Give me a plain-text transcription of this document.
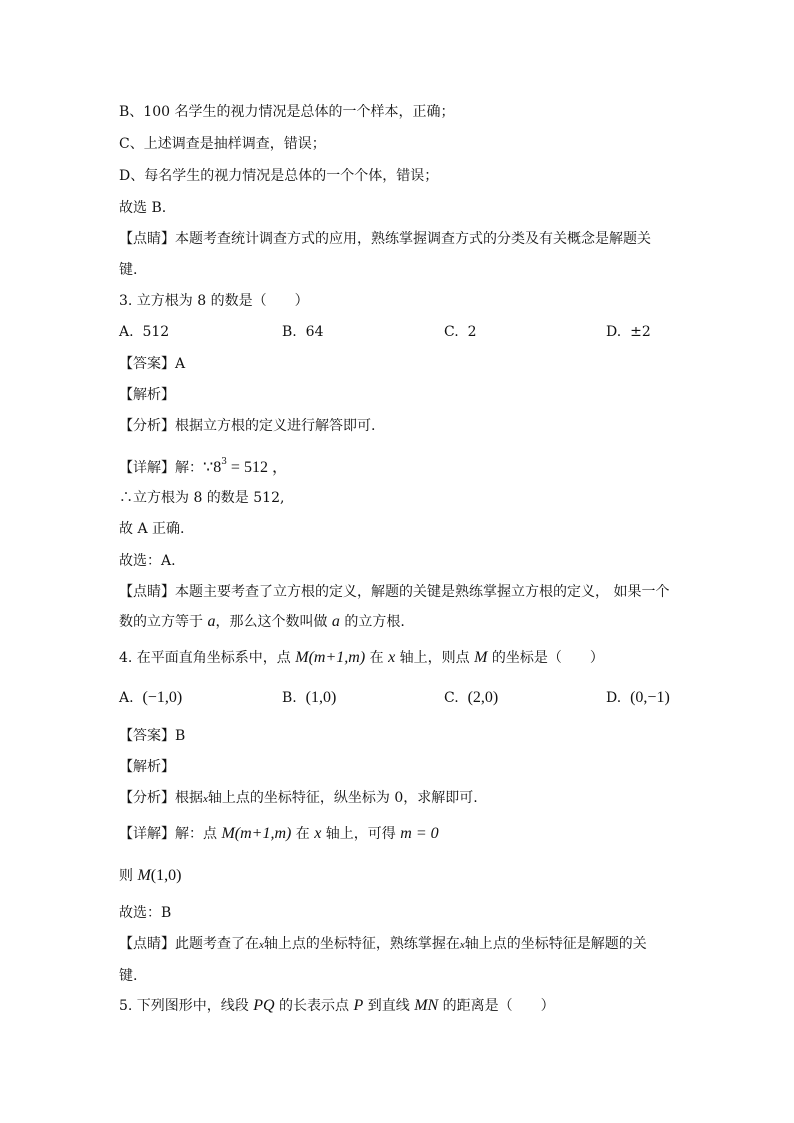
B、100 名学生的视力情况是总体的一个样本，正确；
C、上述调查是抽样调查，错误；
D、每名学生的视力情况是总体的一个个体，错误；
故选 B.
【点睛】本题考查统计调查方式的应用，熟练掌握调查方式的分类及有关概念是解题关
键.
3. 立方根为 8 的数是（　　）
A. 512	B. 64	C. 2	D. ±2
【答案】A
【解析】
【分析】根据立方根的定义进行解答即可.
【详解】解：$\because 8^3 = 512$ ，
∴立方根为 8 的数是 512,
故 A 正确.
故选：A.
【点睛】本题主要考查了立方根的定义，解题的关键是熟练掌握立方根的定义， 如果一个
数的立方等于 a，那么这个数叫做 a 的立方根.
4. 在平面直角坐标系中，点 M(m+1,m) 在 x 轴上，则点 M 的坐标是（　　）
A. (−1,0)	B. (1,0)	C. (2,0)	D. (0,−1)
【答案】B
【解析】
【分析】根据x轴上点的坐标特征，纵坐标为 0，求解即可.
【详解】解：点 M(m+1,m) 在 x 轴上，可得 m = 0
则 M(1,0)
故选：B
【点睛】此题考查了在x轴上点的坐标特征，熟练掌握在x轴上点的坐标特征是解题的关
键.
5. 下列图形中，线段 PQ 的长表示点 P 到直线 MN 的距离是（　　）
